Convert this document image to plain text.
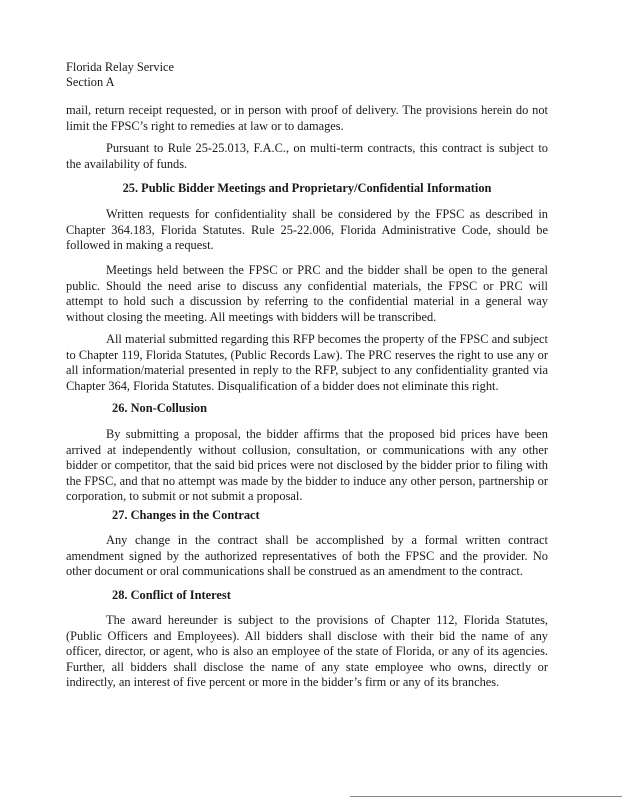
Florida Relay Service
Section A

mail, return receipt requested, or in person with proof of delivery. The provisions herein do not limit the FPSC’s right to remedies at law or to damages.

Pursuant to Rule 25-25.013, F.A.C., on multi-term contracts, this contract is subject to the availability of funds.

25. Public Bidder Meetings and Proprietary/Confidential Information

Written requests for confidentiality shall be considered by the FPSC as described in Chapter 364.183, Florida Statutes. Rule 25-22.006, Florida Administrative Code, should be followed in making a request.

Meetings held between the FPSC or PRC and the bidder shall be open to the general public. Should the need arise to discuss any confidential materials, the FPSC or PRC will attempt to hold such a discussion by referring to the confidential material in a general way without closing the meeting. All meetings with bidders will be transcribed.

All material submitted regarding this RFP becomes the property of the FPSC and subject to Chapter 119, Florida Statutes, (Public Records Law). The PRC reserves the right to use any or all information/material presented in reply to the RFP, subject to any confidentiality granted via Chapter 364, Florida Statutes. Disqualification of a bidder does not eliminate this right.

26. Non-Collusion

By submitting a proposal, the bidder affirms that the proposed bid prices have been arrived at independently without collusion, consultation, or communications with any other bidder or competitor, that the said bid prices were not disclosed by the bidder prior to filing with the FPSC, and that no attempt was made by the bidder to induce any other person, partnership or corporation, to submit or not submit a proposal.

27. Changes in the Contract

Any change in the contract shall be accomplished by a formal written contract amendment signed by the authorized representatives of both the FPSC and the provider. No other document or oral communications shall be construed as an amendment to the contract.

28. Conflict of Interest

The award hereunder is subject to the provisions of Chapter 112, Florida Statutes, (Public Officers and Employees). All bidders shall disclose with their bid the name of any officer, director, or agent, who is also an employee of the state of Florida, or any of its agencies. Further, all bidders shall disclose the name of any state employee who owns, directly or indirectly, an interest of five percent or more in the bidder’s firm or any of its branches.
